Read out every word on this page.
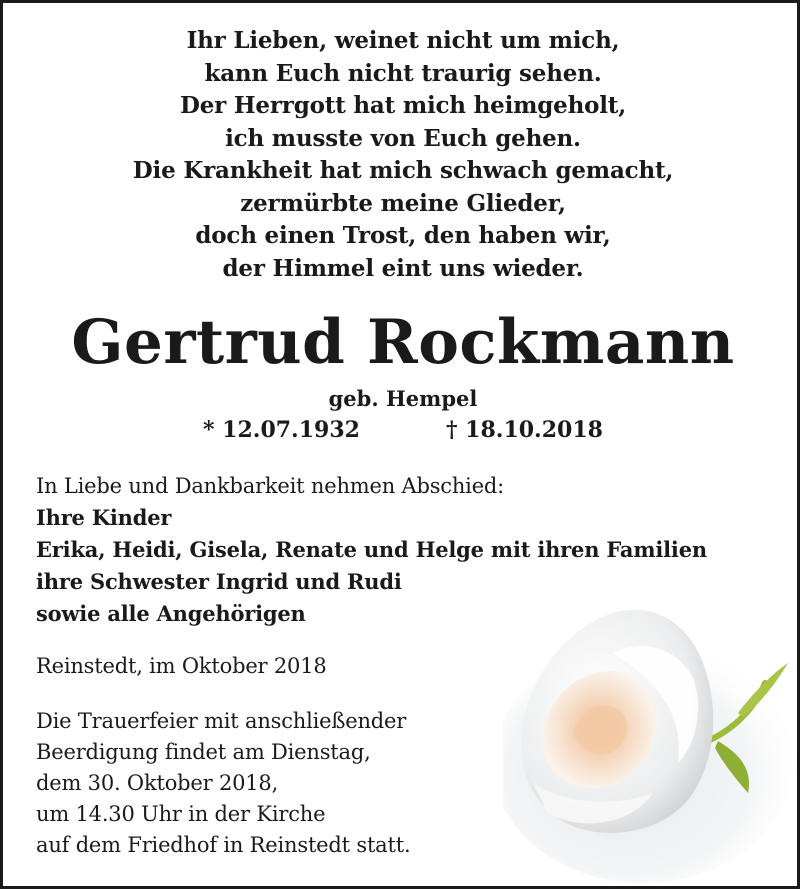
Ihr Lieben, weinet nicht um mich,
kann Euch nicht traurig sehen.
Der Herrgott hat mich heimgeholt,
ich musste von Euch gehen.
Die Krankheit hat mich schwach gemacht,
zermürbte meine Glieder,
doch einen Trost, den haben wir,
der Himmel eint uns wieder.
Gertrud Rockmann
geb. Hempel
* 12.07.1932	† 18.10.2018
In Liebe und Dankbarkeit nehmen Abschied:
Ihre Kinder
Erika, Heidi, Gisela, Renate und Helge mit ihren Familien
ihre Schwester Ingrid und Rudi
sowie alle Angehörigen
Reinstedt, im Oktober 2018
Die Trauerfeier mit anschließender
Beerdigung findet am Dienstag,
dem 30. Oktober 2018,
um 14.30 Uhr in der Kirche
auf dem Friedhof in Reinstedt statt.
